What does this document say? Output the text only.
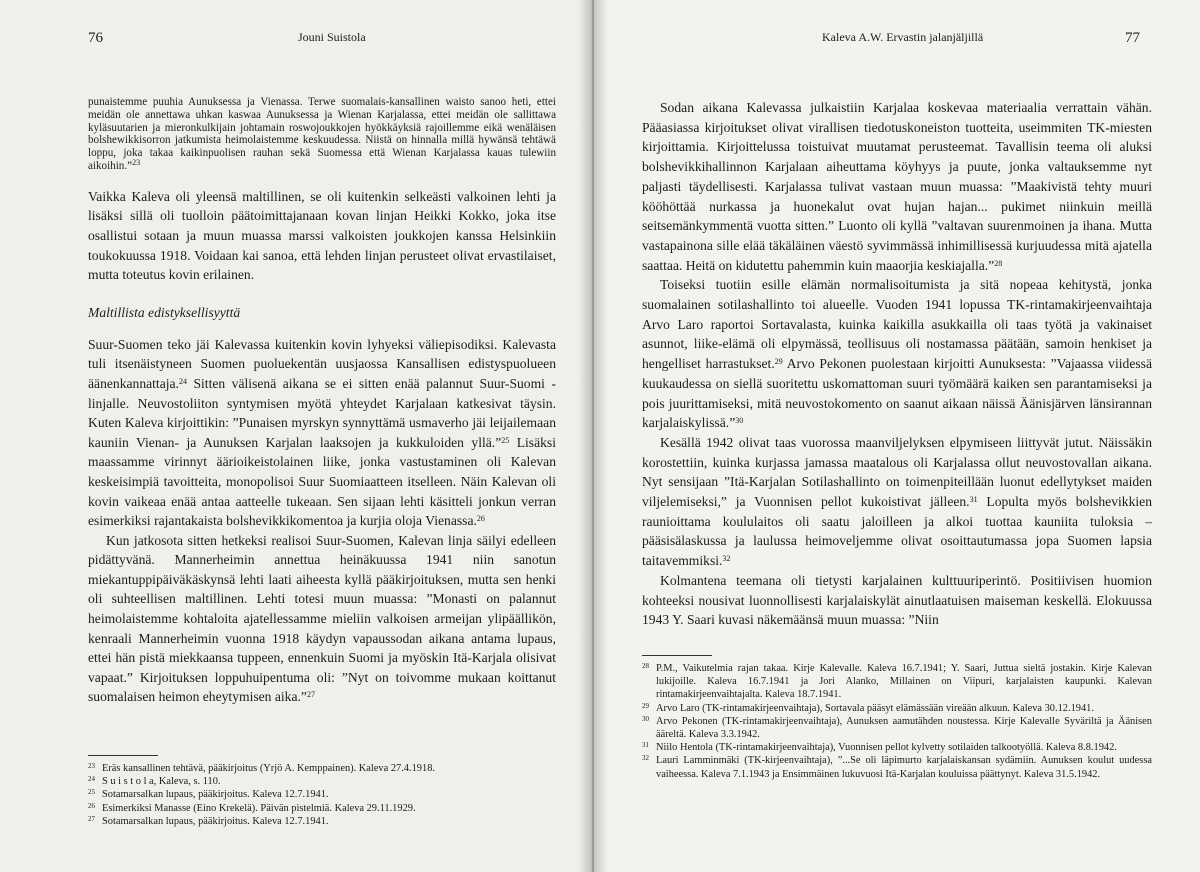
76	Jouni Suistola

punaistemme puuhia Aunuksessa ja Vienassa. Terwe suomalais-kansallinen waisto sanoo heti, ettei meidän ole annettawa uhkan kaswaa Aunuksessa ja Wienan Karjalassa, ettei meidän ole sallittawa kyläsuutarien ja mieronkulkijain johtamain roswojoukkojen hyökkäyksiä rajoillemme eikä wenäläisen bolshewikkisorron jatkumista heimolaistemme keskuudessa. Niistä on hinnalla millä hywänsä tehtäwä loppu, joka takaa kaikinpuolisen rauhan sekä Suomessa että Wienan Karjalassa kauas tulewiin aikoihin.”$^{23}$

Vaikka Kaleva oli yleensä maltillinen, se oli kuitenkin selkeästi valkoinen lehti ja lisäksi sillä oli tuolloin päätoimittajanaan kovan linjan Heikki Kokko, joka itse osallistui sotaan ja muun muassa marssi valkoisten joukkojen kanssa Helsinkiin toukokuussa 1918. Voidaan kai sanoa, että lehden linjan perusteet olivat ervastilaiset, mutta toteutus kovin erilainen.

Maltillista edistyksellisyyttä

Suur-Suomen teko jäi Kalevassa kuitenkin kovin lyhyeksi väliepisodiksi. Kalevasta tuli itsenäistyneen Suomen puoluekentän uusjaossa Kansallisen edistyspuolueen äänenkannattaja.$^{24}$ Sitten välisenä aikana se ei sitten enää palannut Suur-Suomi -linjalle. Neuvostoliiton syntymisen myötä yhteydet Karjalaan katkesivat täysin. Kuten Kaleva kirjoittikin: ”Punaisen myrskyn synnyttämä usmaverho jäi leijailemaan kauniin Vienan- ja Aunuksen Karjalan laaksojen ja kukkuloiden yllä.”$^{25}$ Lisäksi maassamme virinnyt äärioikeistolainen liike, jonka vastustaminen oli Kalevan keskeisimpiä tavoitteita, monopolisoi Suur Suomiaatteen itselleen. Näin Kalevan oli kovin vaikeaa enää antaa aatteelle tukeaan. Sen sijaan lehti käsitteli jonkun verran esimerkiksi rajantakaista bolshevikkikomentoa ja kurjia oloja Vienassa.$^{26}$

Kun jatkosota sitten hetkeksi realisoi Suur-Suomen, Kalevan linja säilyi edelleen pidättyvänä. Mannerheimin annettua heinäkuussa 1941 niin sanotun miekantuppipäiväkäskynsä lehti laati aiheesta kyllä pääkirjoituksen, mutta sen henki oli suhteellisen maltillinen. Lehti totesi muun muassa: ”Monasti on palannut heimolaistemme kohtaloita ajatellessamme mieliin valkoisen armeijan ylipäällikön, kenraali Mannerheimin vuonna 1918 käydyn vapaussodan aikana antama lupaus, ettei hän pistä miekkaansa tuppeen, ennenkuin Suomi ja myöskin Itä-Karjala olisivat vapaat.” Kirjoituksen loppuhuipentuma oli: ”Nyt on toivomme mukaan koittanut suomalaisen heimon eheytymisen aika.”$^{27}$

23 Eräs kansallinen tehtävä, pääkirjoitus (Yrjö A. Kemppainen). Kaleva 27.4.1918.
24 S u i s t o l a, Kaleva, s. 110.
25 Sotamarsalkan lupaus, pääkirjoitus. Kaleva 12.7.1941.
26 Esimerkiksi Manasse (Eino Krekelä). Päivän pistelmiä. Kaleva 29.11.1929.
27 Sotamarsalkan lupaus, pääkirjoitus. Kaleva 12.7.1941.
Kaleva A.W. Ervastin jalanjäljillä	77

Sodan aikana Kalevassa julkaistiin Karjalaa koskevaa materiaalia verrattain vähän. Pääasiassa kirjoitukset olivat virallisen tiedotuskoneiston tuotteita, useimmiten TK-miesten kirjoittamia. Kirjoittelussa toistuivat muutamat perusteemat. Tavallisin teema oli aluksi bolshevikkihallinnon Karjalaan aiheuttama köyhyys ja puute, jonka valtauksemme nyt paljasti täydellisesti. Karjalassa tulivat vastaan muun muassa: ”Maakivistä tehty muuri kööhöttää nurkassa ja huonekalut ovat hujan hajan... pukimet niinkuin meillä seitsemänkymmentä vuotta sitten.” Luonto oli kyllä ”valtavan suurenmoinen ja ihana. Mutta vastapainona sille elää täkäläinen väestö syvimmässä inhimillisessä kurjuudessa mitä ajatella saattaa. Heitä on kidutettu pahemmin kuin maaorjia keskiajalla.”$^{28}$

Toiseksi tuotiin esille elämän normalisoitumista ja sitä nopeaa kehitystä, jonka suomalainen sotilashallinto toi alueelle. Vuoden 1941 lopussa TK-rintamakirjeenvaihtaja Arvo Laro raportoi Sortavalasta, kuinka kaikilla asukkailla oli taas työtä ja vakinaiset asunnot, liike-elämä oli elpymässä, teollisuus oli nostamassa päätään, samoin henkiset ja hengelliset harrastukset.$^{29}$ Arvo Pekonen puolestaan kirjoitti Aunuksesta: ”Vajaassa viidessä kuukaudessa on siellä suoritettu uskomattoman suuri työmäärä kaiken sen parantamiseksi ja pois juurittamiseksi, mitä neuvostokomento on saanut aikaan näissä Äänisjärven länsirannan karjalaiskylissä.”$^{30}$

Kesällä 1942 olivat taas vuorossa maanviljelyksen elpymiseen liittyvät jutut. Näissäkin korostettiin, kuinka kurjassa jamassa maatalous oli Karjalassa ollut neuvostovallan aikana. Nyt sensijaan ”Itä-Karjalan Sotilashallinto on toimenpiteillään luonut edellytykset maiden viljelemiseksi,” ja Vuonnisen pellot kukoistivat jälleen.$^{31}$ Lopulta myös bolshevikkien raunioittama koululaitos oli saatu jaloilleen ja alkoi tuottaa kauniita tuloksia – pääsisälaskussa ja laulussa heimoveljemme olivat osoittautumassa jopa Suomen lapsia taitavemmiksi.$^{32}$

Kolmantena teemana oli tietysti karjalainen kulttuuriperintö. Positiivisen huomion kohteeksi nousivat luonnollisesti karjalaiskylät ainutlaatuisen maiseman keskellä. Elokuussa 1943 Y. Saari kuvasi näkemäänsä muun muassa: ”Niin

28 P.M., Vaikutelmia rajan takaa. Kirje Kalevalle. Kaleva 16.7.1941; Y. Saari, Juttua sieltä jostakin. Kirje Kalevan lukijoille. Kaleva 16.7.1941 ja Jori Alanko, Millainen on Viipuri, karjalaisten kaupunki. Kalevan rintamakirjeenvaihtajalta. Kaleva 18.7.1941.
29 Arvo Laro (TK-rintamakirjeenvaihtaja), Sortavala pääsyt elämässään vireään alkuun. Kaleva 30.12.1941.
30 Arvo Pekonen (TK-rintamakirjeenvaihtaja), Aunuksen aamutähden noustessa. Kirje Kalevalle Syväriltä ja Äänisen ääreltä. Kaleva 3.3.1942.
31 Niilo Hentola (TK-rintamakirjeenvaihtaja), Vuonnisen pellot kylvetty sotilaiden talkootyöllä. Kaleva 8.8.1942.
32 Lauri Lamminmäki (TK-kirjeenvaihtaja), ”...Se oli läpimurto karjalaiskansan sydämiin. Aunuksen koulut uudessa vaiheessa. Kaleva 7.1.1943 ja Ensimmäinen lukuvuosi Itä-Karjalan kouluissa päättynyt. Kaleva 31.5.1942.
